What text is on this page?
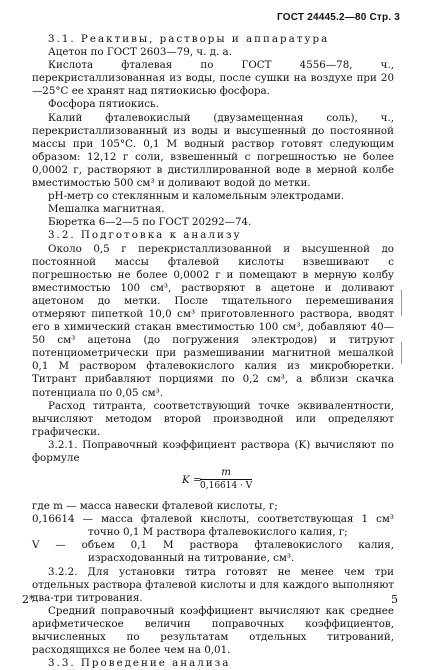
ГОСТ 24445.2—80 Стр. 3

3.1. Реактивы, растворы и аппаратура

Ацетон по ГОСТ 2603—79, ч. д. а.

Кислота фталевая по ГОСТ 4556—78, ч., перекристаллизованная из воды, после сушки на воздухе при 20—25°С ее хранят над пятиокисью фосфора.

Фосфора пятиокись.

Калий фталевокислый (двузамещенная соль), ч., перекристаллизованный из воды и высушенный до постоянной массы при 105°С. 0,1 М водный раствор готовят следующим образом: 12,12 г соли, взвешенный с погрешностью не более 0,0002 г, растворяют в дистиллированной воде в мерной колбе вместимостью 500 см³ и доливают водой до метки.

рН-метр со стеклянным и каломельным электродами.

Мешалка магнитная.

Бюретка 6—2—5 по ГОСТ 20292—74.

3.2. Подготовка к анализу

Около 0,5 г перекристаллизованной и высушенной до постоянной массы фталевой кислоты взвешивают с погрешностью не более 0,0002 г и помещают в мерную колбу вместимостью 100 см³, растворяют в ацетоне и доливают ацетоном до метки. После тщательного перемешивания отмеряют пипеткой 10,0 см³ приготовленного раствора, вводят его в химический стакан вместимостью 100 см³, добавляют 40—50 см³ ацетона (до погружения электродов) и титруют потенциометрически при размешивании магнитной мешалкой 0,1 М раствором фталевокислого калия из микробюретки. Титрант прибавляют порциями по 0,2 см³, а вблизи скачка потенциала по 0,05 см³.

Расход титранта, соответствующий точке эквивалентности, вычисляют методом второй производной или определяют графически.

3.2.1. Поправочный коэффициент раствора (K) вычисляют по формуле

K =
m
0,16614 · V

где m — масса навески фталевой кислоты, г;

0,16614 — масса фталевой кислоты, соответствующая 1 см³ точно 0,1 М раствора фталевокислого калия, г;

V — объем 0,1 М раствора фталевокислого калия, израсходованный на титрование, см³.

3.2.2. Для установки титра готовят не менее чем три отдельных раствора фталевой кислоты и для каждого выполняют два-три титрования.

Средний поправочный коэффициент вычисляют как среднее арифметическое величин поправочных коэффициентов, вычисленных по результатам отдельных титрований, расходящихся не более чем на 0,01.

3.3. Проведение анализа

2*	5
